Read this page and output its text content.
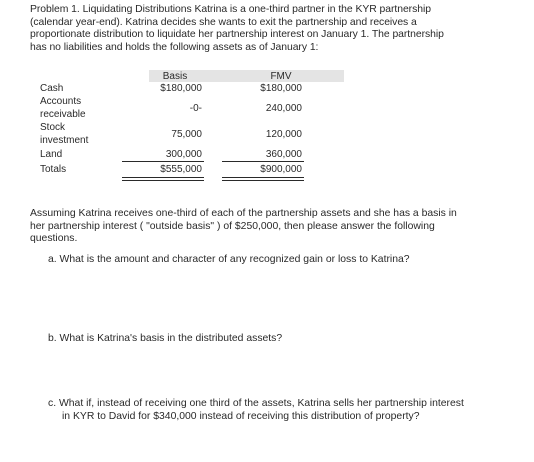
Problem 1. Liquidating Distributions Katrina is a one-third partner in the KYR partnership
(calendar year-end). Katrina decides she wants to exit the partnership and receives a
proportionate distribution to liquidate her partnership interest on January 1. The partnership
has no liabilities and holds the following assets as of January 1:
Basis	FMV
Cash	$180,000	$180,000
Accounts
receivable	-0-	240,000
Stock
investment	75,000	120,000
Land	300,000	360,000
Totals	$555,000	$900,000
Assuming Katrina receives one-third of each of the partnership assets and she has a basis in
her partnership interest ( "outside basis" ) of $250,000, then please answer the following
questions.
a. What is the amount and character of any recognized gain or loss to Katrina?
b. What is Katrina's basis in the distributed assets?
c. What if, instead of receiving one third of the assets, Katrina sells her partnership interest
in KYR to David for $340,000 instead of receiving this distribution of property?
